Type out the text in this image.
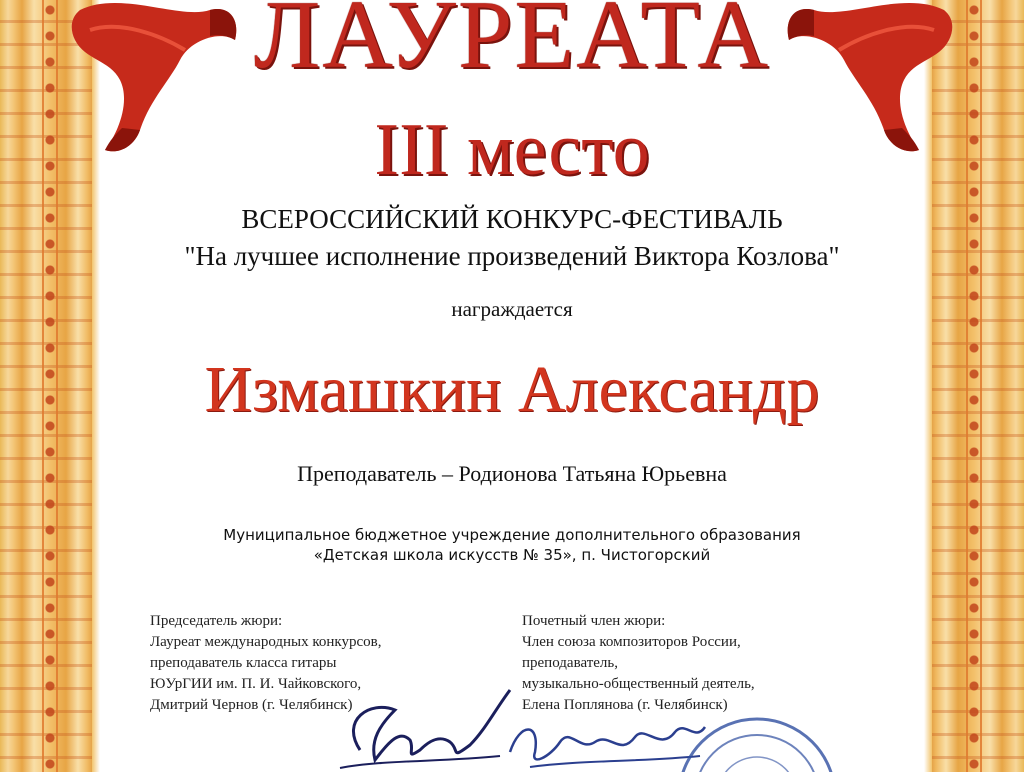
ЛАУРЕАТА
III место
ВСЕРОССИЙСКИЙ КОНКУРС-ФЕСТИВАЛЬ
"На лучшее исполнение произведений Виктора Козлова"
награждается
Измашкин Александр
Преподаватель – Родионова Татьяна Юрьевна
Муниципальное бюджетное учреждение дополнительного образования
«Детская школа искусств № 35», п. Чистогорский
Председатель жюри:
Лауреат международных конкурсов,
преподаватель класса гитары
ЮУрГИИ им. П. И. Чайковского,
Дмитрий Чернов (г. Челябинск)
Почетный член жюри:
Член союза композиторов России,
преподаватель,
музыкально-общественный деятель,
Елена Поплянова (г. Челябинск)
